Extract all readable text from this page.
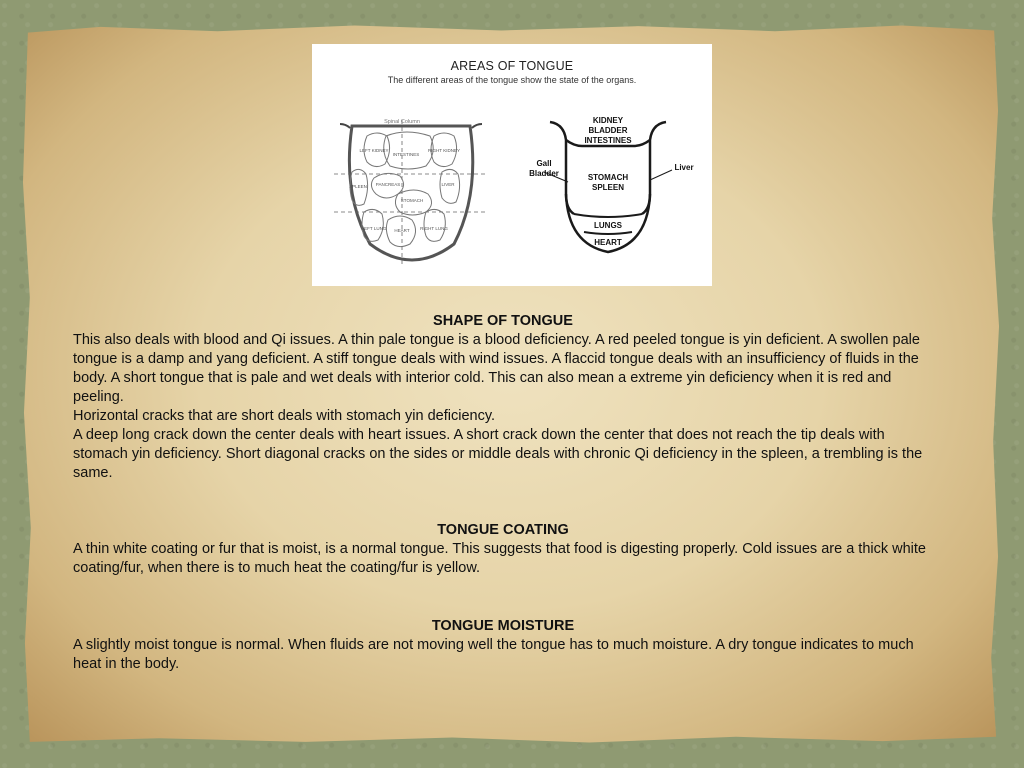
AREAS OF TONGUE
The different areas of the tongue show the state of the organs.
Spinal Column
LEFT KIDNEY	RIGHT KIDNEY
INTESTINES
SPLEEN PANCREAS	LIVER
STOMACH
LEFT LUNG HEART RIGHT LUNG
KIDNEY
BLADDER
INTESTINES
STOMACH
SPLEEN
LUNGS
HEART
Gall
Bladder
Liver
SHAPE OF TONGUE

This also deals with blood and Qi issues. A thin pale tongue is a blood deficiency. A red peeled tongue is yin deficient. A swollen pale tongue is a damp and yang deficient. A stiff tongue deals with wind issues. A flaccid tongue deals with an insufficiency of fluids in the body. A short tongue that is pale and wet deals with interior cold. This can also mean a extreme yin deficiency when it is red and peeling.

Horizontal cracks that are short deals with stomach yin deficiency.

A deep long crack down the center deals with heart issues. A short crack down the center that does not reach the tip deals with stomach yin deficiency. Short diagonal cracks on the sides or middle deals with chronic Qi deficiency in the spleen, a trembling is the same.

TONGUE COATING

A thin white coating or fur that is moist, is a normal tongue. This suggests that food is digesting properly. Cold issues are a thick white coating/fur, when there is to much heat the coating/fur is yellow.

TONGUE MOISTURE

A slightly moist tongue is normal. When fluids are not moving well the tongue has to much moisture. A dry tongue indicates to much heat in the body.
